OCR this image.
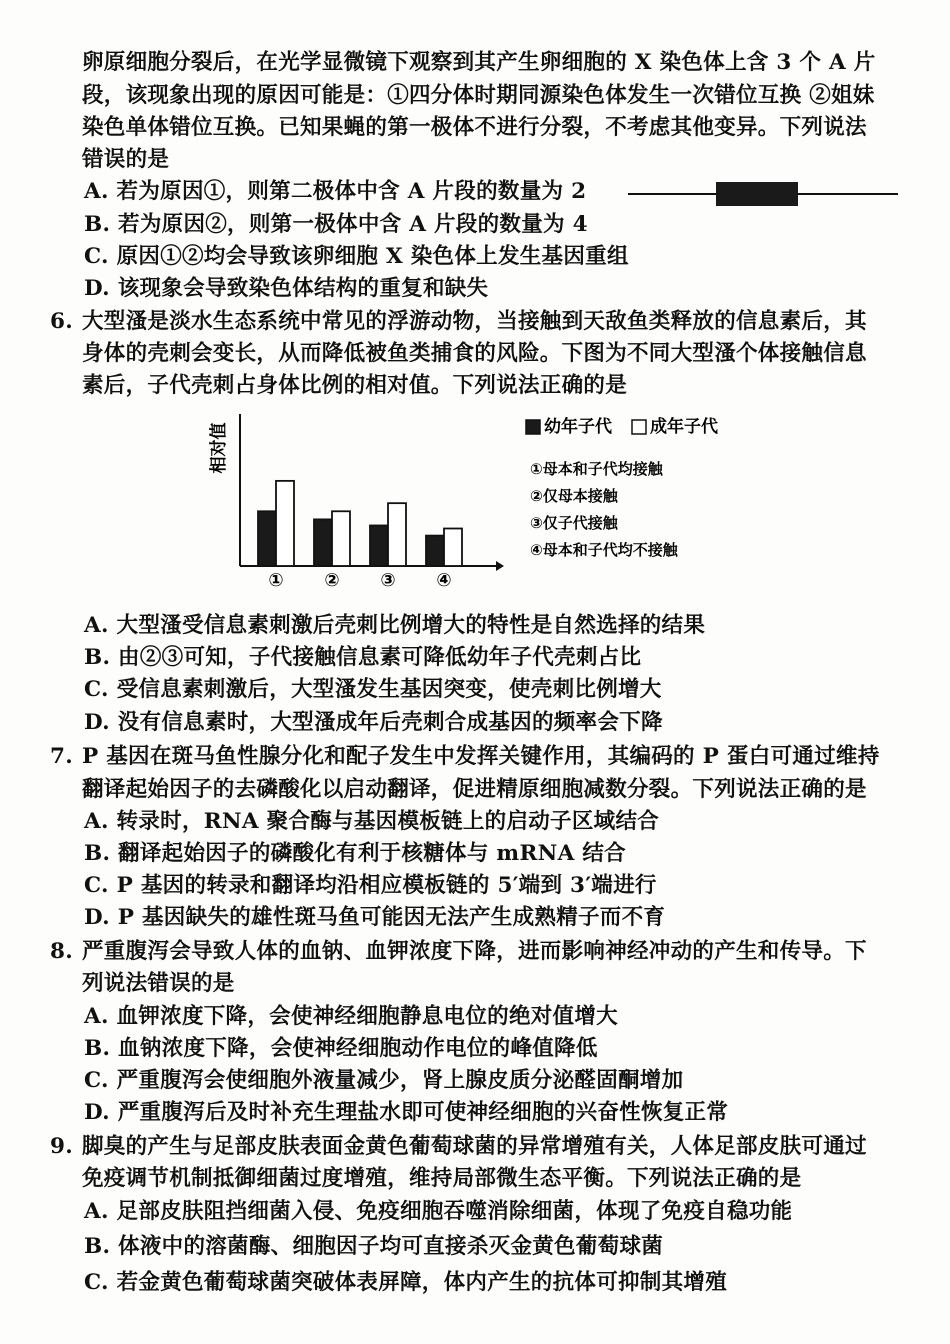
卵原细胞分裂后，在光学显微镜下观察到其产生卵细胞的 X 染色体上含 3 个 A 片
段，该现象出现的原因可能是：①四分体时期同源染色体发生一次错位互换 ②姐妹
染色单体错位互换。已知果蝇的第一极体不进行分裂，不考虑其他变异。下列说法
错误的是
A. 若为原因①，则第二极体中含 A 片段的数量为 2
B. 若为原因②，则第一极体中含 A 片段的数量为 4
C. 原因①②均会导致该卵细胞 X 染色体上发生基因重组
D. 该现象会导致染色体结构的重复和缺失
6. 大型溞是淡水生态系统中常见的浮游动物，当接触到天敌鱼类释放的信息素后，其
身体的壳刺会变长，从而降低被鱼类捕食的风险。下图为不同大型溞个体接触信息
素后，子代壳刺占身体比例的相对值。下列说法正确的是
相对值
① ② ③ ④
幼年子代 成年子代
①母本和子代均接触
②仅母本接触
③仅子代接触
④母本和子代均不接触
A. 大型溞受信息素刺激后壳刺比例增大的特性是自然选择的结果
B. 由②③可知，子代接触信息素可降低幼年子代壳刺占比
C. 受信息素刺激后，大型溞发生基因突变，使壳刺比例增大
D. 没有信息素时，大型溞成年后壳刺合成基因的频率会下降
7. P 基因在斑马鱼性腺分化和配子发生中发挥关键作用，其编码的 P 蛋白可通过维持
翻译起始因子的去磷酸化以启动翻译，促进精原细胞减数分裂。下列说法正确的是
A. 转录时，RNA 聚合酶与基因模板链上的启动子区域结合
B. 翻译起始因子的磷酸化有利于核糖体与 mRNA 结合
C. P 基因的转录和翻译均沿相应模板链的 5′端到 3′端进行
D. P 基因缺失的雄性斑马鱼可能因无法产生成熟精子而不育
8. 严重腹泻会导致人体的血钠、血钾浓度下降，进而影响神经冲动的产生和传导。下
列说法错误的是
A. 血钾浓度下降，会使神经细胞静息电位的绝对值增大
B. 血钠浓度下降，会使神经细胞动作电位的峰值降低
C. 严重腹泻会使细胞外液量减少，肾上腺皮质分泌醛固酮增加
D. 严重腹泻后及时补充生理盐水即可使神经细胞的兴奋性恢复正常
9. 脚臭的产生与足部皮肤表面金黄色葡萄球菌的异常增殖有关，人体足部皮肤可通过
免疫调节机制抵御细菌过度增殖，维持局部微生态平衡。下列说法正确的是
A. 足部皮肤阻挡细菌入侵、免疫细胞吞噬消除细菌，体现了免疫自稳功能
B. 体液中的溶菌酶、细胞因子均可直接杀灭金黄色葡萄球菌
C. 若金黄色葡萄球菌突破体表屏障，体内产生的抗体可抑制其增殖
